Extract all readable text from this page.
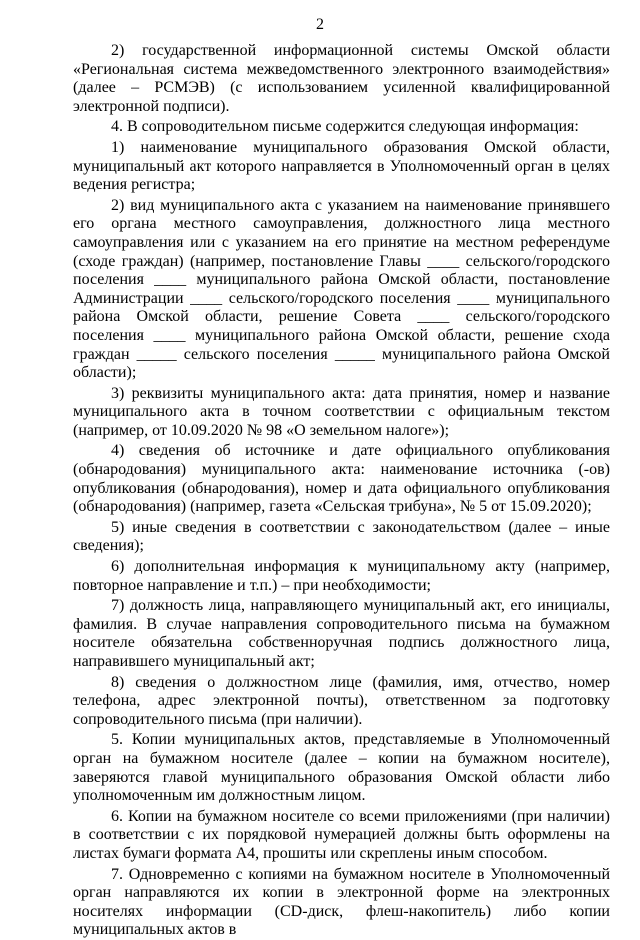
2

2) государственной информационной системы Омской области «Региональная система межведомственного электронного взаимодействия» (далее – РСМЭВ) (с использованием усиленной квалифицированной электронной подписи).

4. В сопроводительном письме содержится следующая информация:

1) наименование муниципального образования Омской области, муниципальный акт которого направляется в Уполномоченный орган в целях ведения регистра;

2) вид муниципального акта с указанием на наименование принявшего его органа местного самоуправления, должностного лица местного самоуправления или с указанием на его принятие на местном референдуме (сходе граждан) (например, постановление Главы ____ сельского/городского поселения ____ муниципального района Омской области, постановление Администрации ____ сельского/городского поселения ____ муниципального района Омской области, решение Совета ____ сельского/городского поселения ____ муниципального района Омской области, решение схода граждан _____ сельского поселения _____ муниципального района Омской области);

3) реквизиты муниципального акта: дата принятия, номер и название муниципального акта в точном соответствии с официальным текстом (например, от 10.09.2020 № 98 «О земельном налоге»);

4) сведения об источнике и дате официального опубликования (обнародования) муниципального акта: наименование источника (-ов) опубликования (обнародования), номер и дата официального опубликования (обнародования) (например, газета «Сельская трибуна», № 5 от 15.09.2020);

5) иные сведения в соответствии с законодательством (далее – иные сведения);

6) дополнительная информация к муниципальному акту (например, повторное направление и т.п.) – при необходимости;

7) должность лица, направляющего муниципальный акт, его инициалы, фамилия. В случае направления сопроводительного письма на бумажном носителе обязательна собственноручная подпись должностного лица, направившего муниципальный акт;

8) сведения о должностном лице (фамилия, имя, отчество, номер телефона, адрес электронной почты), ответственном за подготовку сопроводительного письма (при наличии).

5. Копии муниципальных актов, представляемые в Уполномоченный орган на бумажном носителе (далее – копии на бумажном носителе), заверяются главой муниципального образования Омской области либо уполномоченным им должностным лицом.

6. Копии на бумажном носителе со всеми приложениями (при наличии) в соответствии с их порядковой нумерацией должны быть оформлены на листах бумаги формата А4, прошиты или скреплены иным способом.

7. Одновременно с копиями на бумажном носителе в Уполномоченный орган направляются их копии в электронной форме на электронных носителях информации (CD-диск, флеш-накопитель) либо копии муниципальных актов в
